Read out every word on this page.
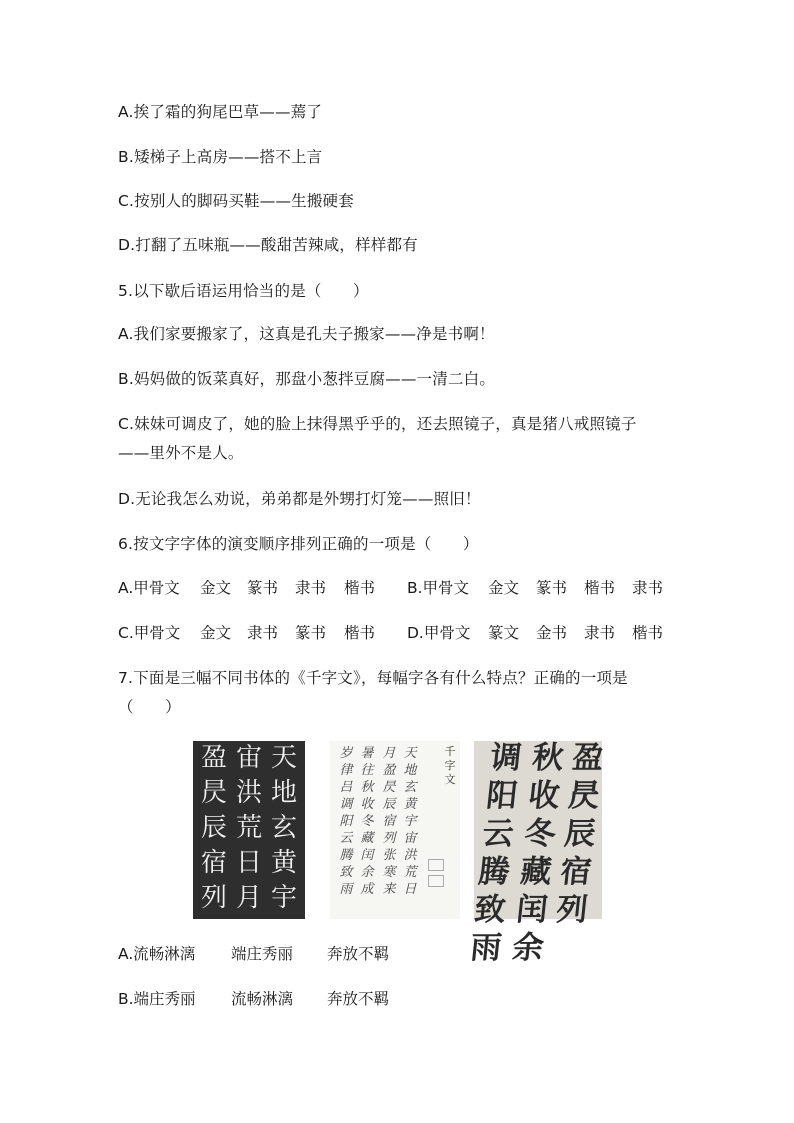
A.挨了霜的狗尾巴草——蔫了
B.矮梯子上高房——搭不上言
C.按别人的脚码买鞋——生搬硬套
D.打翻了五味瓶——酸甜苦辣咸，样样都有
5.以下歇后语运用恰当的是（　　）
A.我们家要搬家了，这真是孔夫子搬家——净是书啊！
B.妈妈做的饭菜真好，那盘小葱拌豆腐——一清二白。
C.妹妹可调皮了，她的脸上抹得黑乎乎的，还去照镜子，真是猪八戒照镜子
——里外不是人。
D.无论我怎么劝说，弟弟都是外甥打灯笼——照旧！
6.按文字字体的演变顺序排列正确的一项是（　　）
A.甲骨文 金文 篆书 隶书 楷书 B.甲骨文 金文 篆书 楷书 隶书
C.甲骨文 金文 隶书 篆书 楷书 D.甲骨文 篆文 金书 隶书 楷书
7.下面是三幅不同书体的《千字文》，每幅字各有什么特点？正确的一项是
（　　）
天地玄黄宇
宙洪荒日月
盈昃辰宿列
千字文
天地玄黄宇宙洪荒日
月盈昃辰宿列张寒来
暑往秋收冬藏闰余成
岁律吕调阳云腾致雨
盈昃辰宿列
秋收冬藏闰余
调阳云腾致雨
A.流畅淋漓 端庄秀丽 奔放不羁
B.端庄秀丽 流畅淋漓 奔放不羁
